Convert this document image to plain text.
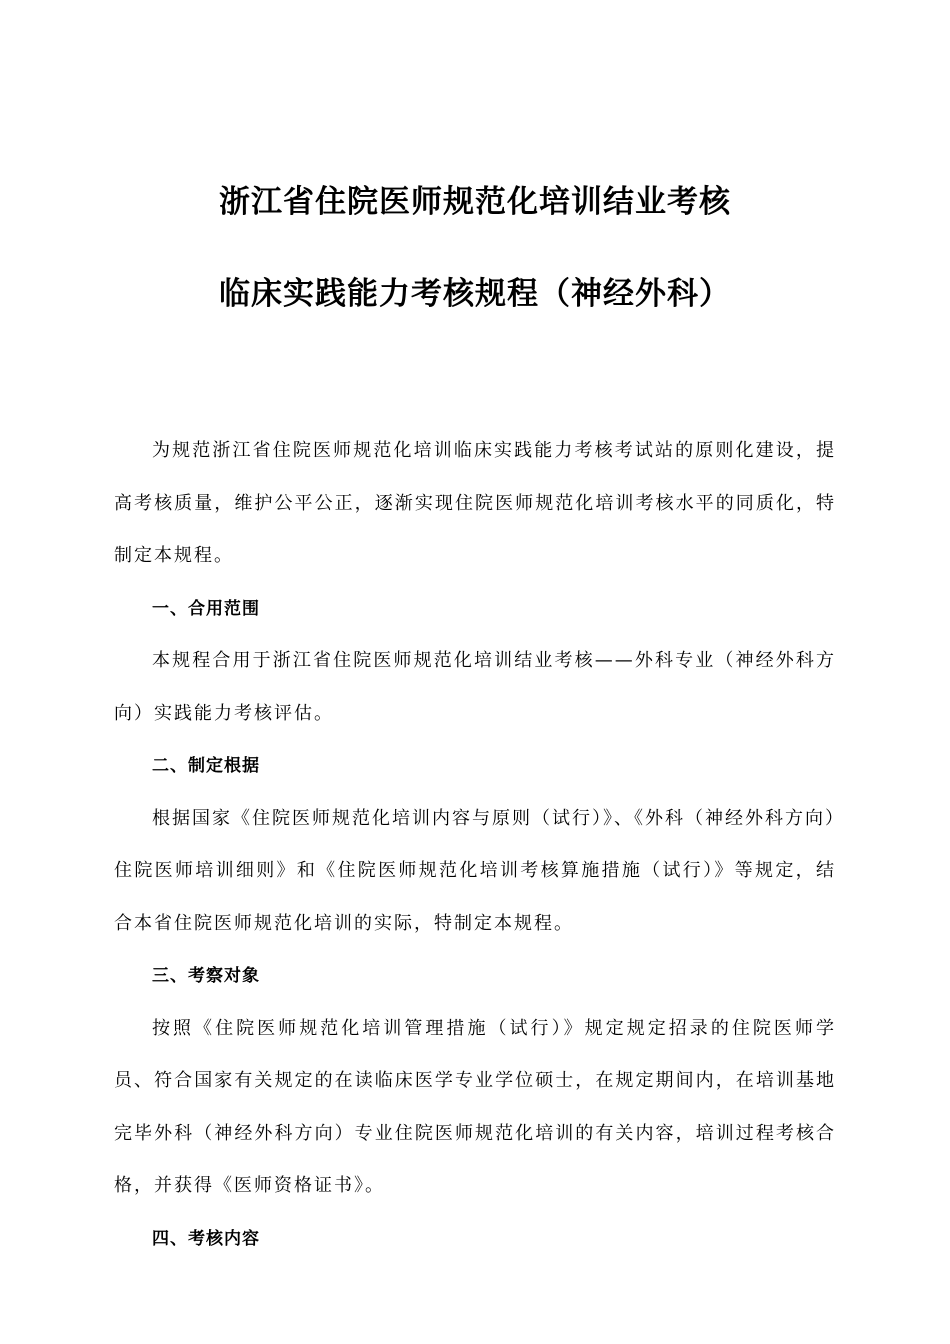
浙江省住院医师规范化培训结业考核
临床实践能力考核规程（神经外科）

为规范浙江省住院医师规范化培训临床实践能力考核考试站的原则化建设，提高考核质量，维护公平公正，逐渐实现住院医师规范化培训考核水平的同质化，特制定本规程。

一、合用范围

本规程合用于浙江省住院医师规范化培训结业考核——外科专业（神经外科方向）实践能力考核评估。

二、制定根据

根据国家《住院医师规范化培训内容与原则（试行）》、《外科（神经外科方向）住院医师培训细则》和《住院医师规范化培训考核算施措施（试行）》等规定，结合本省住院医师规范化培训的实际，特制定本规程。

三、考察对象

按照《住院医师规范化培训管理措施（试行）》规定规定招录的住院医师学员、符合国家有关规定的在读临床医学专业学位硕士，在规定期间内，在培训基地完毕外科（神经外科方向）专业住院医师规范化培训的有关内容，培训过程考核合格，并获得《医师资格证书》。

四、考核内容
